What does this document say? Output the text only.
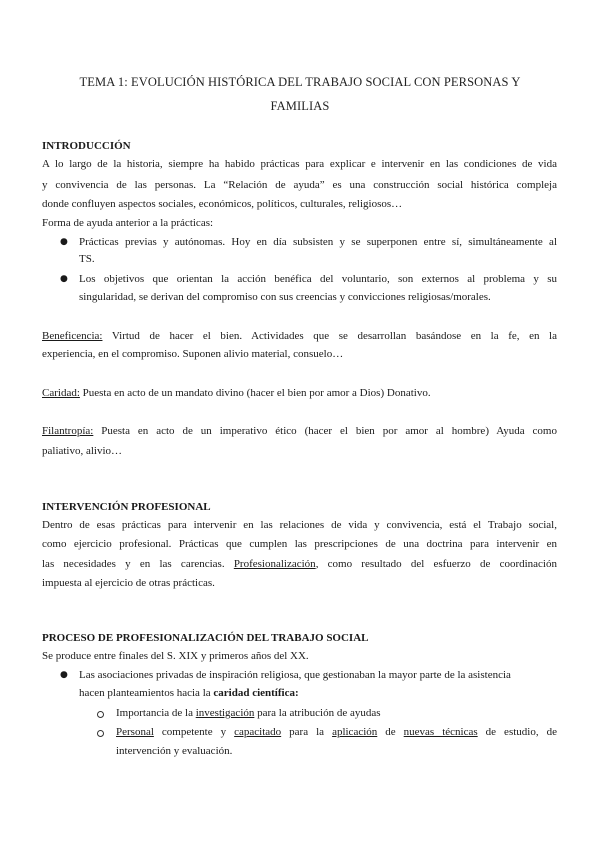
TEMA 1: EVOLUCIÓN HISTÓRICA DEL TRABAJO SOCIAL CON PERSONAS Y
FAMILIAS
INTRODUCCIÓN
A lo largo de la historia, siempre ha habido prácticas para explicar e intervenir en las condiciones de vida
y convivencia de las personas. La “Relación de ayuda” es una construcción social histórica compleja
donde confluyen aspectos sociales, económicos, políticos, culturales, religiosos…
Forma de ayuda anterior a la prácticas:
● Prácticas previas y autónomas. Hoy en día subsisten y se superponen entre sí, simultáneamente al
TS.
● Los objetivos que orientan la acción benéfica del voluntario, son externos al problema y su
singularidad, se derivan del compromiso con sus creencias y convicciones religiosas/morales.
Beneficencia: Virtud de hacer el bien. Actividades que se desarrollan basándose en la fe, en la
experiencia, en el compromiso. Suponen alivio material, consuelo…
Caridad: Puesta en acto de un mandato divino (hacer el bien por amor a Dios) Donativo.
Filantropía: Puesta en acto de un imperativo ético (hacer el bien por amor al hombre) Ayuda como
paliativo, alivio…
INTERVENCIÓN PROFESIONAL
Dentro de esas prácticas para intervenir en las relaciones de vida y convivencia, está el Trabajo social,
como ejercicio profesional. Prácticas que cumplen las prescripciones de una doctrina para intervenir en
las necesidades y en las carencias. Profesionalización, como resultado del esfuerzo de coordinación
impuesta al ejercicio de otras prácticas.
PROCESO DE PROFESIONALIZACIÓN DEL TRABAJO SOCIAL
Se produce entre finales del S. XIX y primeros años del XX.
● Las asociaciones privadas de inspiración religiosa, que gestionaban la mayor parte de la asistencia
hacen planteamientos hacia la caridad científica:
Importancia de la investigación para la atribución de ayudas
Personal competente y capacitado para la aplicación de nuevas técnicas de estudio, de
intervención y evaluación.
